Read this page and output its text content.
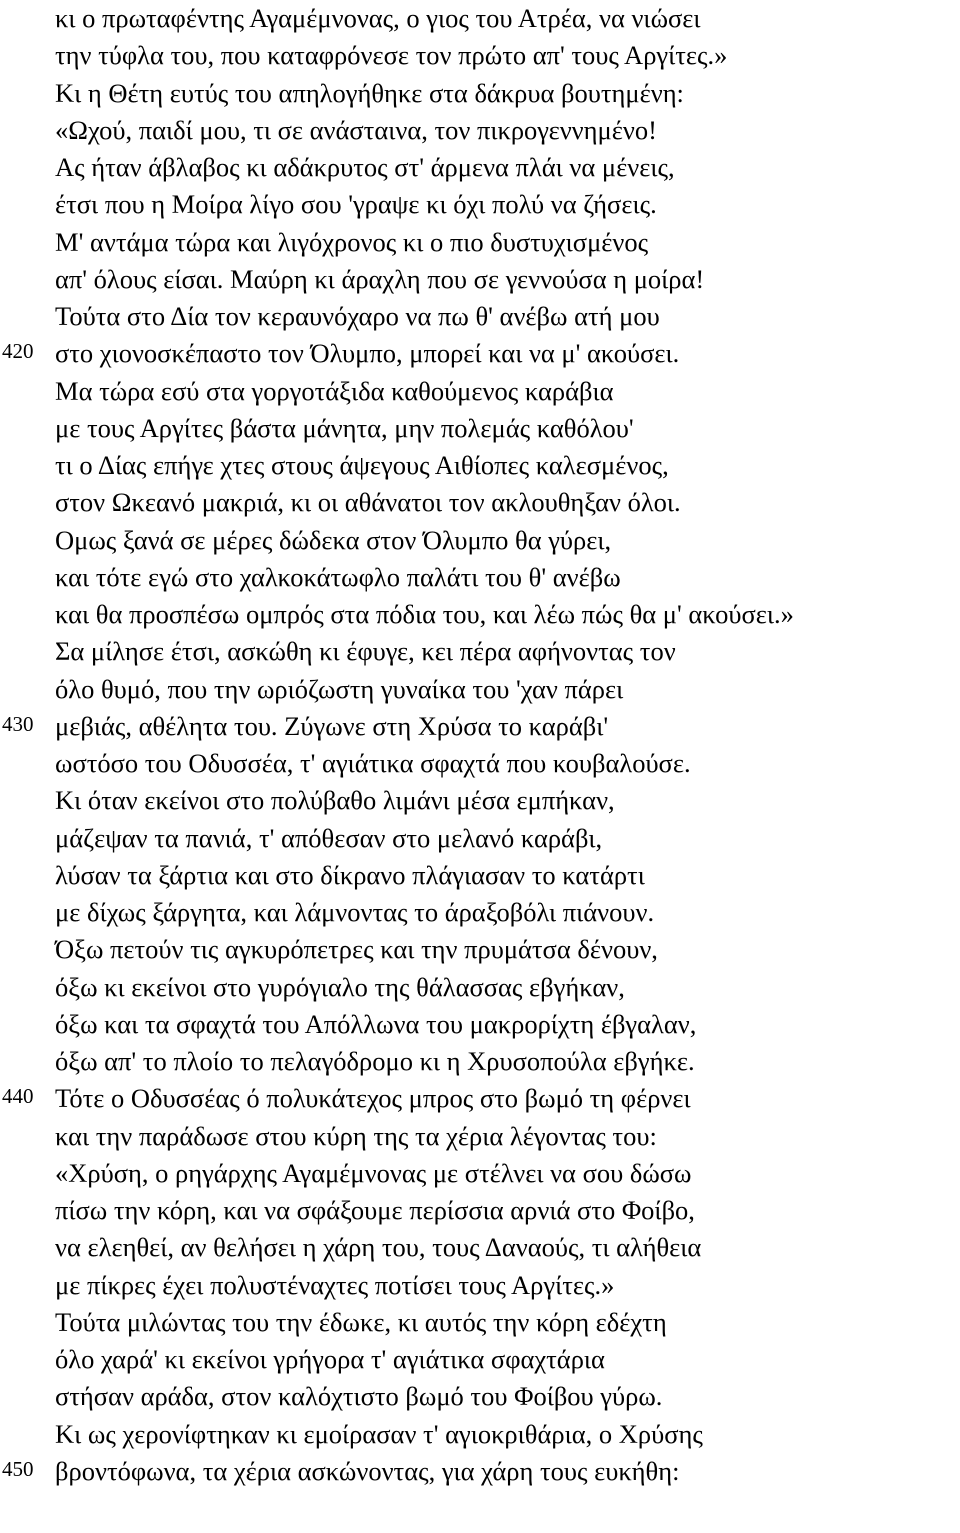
κι ο πρωταφέντης Αγαμέμνονας, ο γιος του Ατρέα, να νιώσει
την τύφλα του, που καταφρόνεσε τον πρώτο απ' τους Αργίτες.»
Κι η Θέτη ευτύς του απηλογήθηκε στα δάκρυα βουτημένη:
«Ωχού, παιδί μου, τι σε ανάσταινα, τον πικρογεννημένο!
Ας ήταν άβλαβος κι αδάκρυτος στ' άρμενα πλάι να μένεις,
έτσι που η Μοίρα λίγο σου 'γραψε κι όχι πολύ να ζήσεις.
Μ' αντάμα τώρα και λιγόχρονος κι ο πιο δυστυχισμένος
απ' όλους είσαι. Μαύρη κι άραχλη που σε γεννούσα η μοίρα!
Τούτα στο Δία τον κεραυνόχαρο να πω θ' ανέβω ατή μου
στο χιονοσκέπαστο τον Όλυμπο, μπορεί και να μ' ακούσει.
420
Μα τώρα εσύ στα γοργοτάξιδα καθούμενος καράβια
με τους Αργίτες βάστα μάνητα, μην πολεμάς καθόλου'
τι ο Δίας επήγε χτες στους άψεγους Αιθίοπες καλεσμένος,
στον Ωκεανό μακριά, κι οι αθάνατοι τον ακλουθηξαν όλοι.
Ομως ξανά σε μέρες δώδεκα στον Όλυμπο θα γύρει,
και τότε εγώ στο χαλκοκάτωφλο παλάτι του θ' ανέβω
και θα προσπέσω ομπρός στα πόδια του, και λέω πώς θα μ' ακούσει.»
Σα μίλησε έτσι, ασκώθη κι έφυγε, κει πέρα αφήνοντας τον
όλο θυμό, που την ωριόζωστη γυναίκα του 'χαν πάρει
μεβιάς, αθέλητα του. Ζύγωνε στη Χρύσα το καράβι'
430
ωστόσο του Οδυσσέα, τ' αγιάτικα σφαχτά που κουβαλούσε.
Κι όταν εκείνοι στο πολύβαθο λιμάνι μέσα εμπήκαν,
μάζεψαν τα πανιά, τ' απόθεσαν στο μελανό καράβι,
λύσαν τα ξάρτια και στο δίκρανο πλάγιασαν το κατάρτι
με δίχως ξάργητα, και λάμνοντας το άραξοβόλι πιάνουν.
Όξω πετούν τις αγκυρόπετρες και την πρυμάτσα δένουν,
όξω κι εκείνοι στο γυρόγιαλο της θάλασσας εβγήκαν,
όξω και τα σφαχτά του Απόλλωνα του μακρορίχτη έβγαλαν,
όξω απ' το πλοίο το πελαγόδρομο κι η Χρυσοπούλα εβγήκε.
Τότε ο Οδυσσέας ό πολυκάτεχος μπρος στο βωμό τη φέρνει
440
και την παράδωσε στου κύρη της τα χέρια λέγοντας του:
«Χρύση, ο ρηγάρχης Αγαμέμνονας με στέλνει να σου δώσω
πίσω την κόρη, και να σφάξουμε περίσσια αρνιά στο Φοίβο,
να ελεηθεί, αν θελήσει η χάρη του, τους Δαναούς, τι αλήθεια
με πίκρες έχει πολυστέναχτες ποτίσει τους Αργίτες.»
Τούτα μιλώντας του την έδωκε, κι αυτός την κόρη εδέχτη
όλο χαρά' κι εκείνοι γρήγορα τ' αγιάτικα σφαχτάρια
στήσαν αράδα, στον καλόχτιστο βωμό του Φοίβου γύρω.
Κι ως χερονίφτηκαν κι εμοίρασαν τ' αγιοκριθάρια, ο Χρύσης
βροντόφωνα, τα χέρια ασκώνοντας, για χάρη τους ευκήθη:
450
